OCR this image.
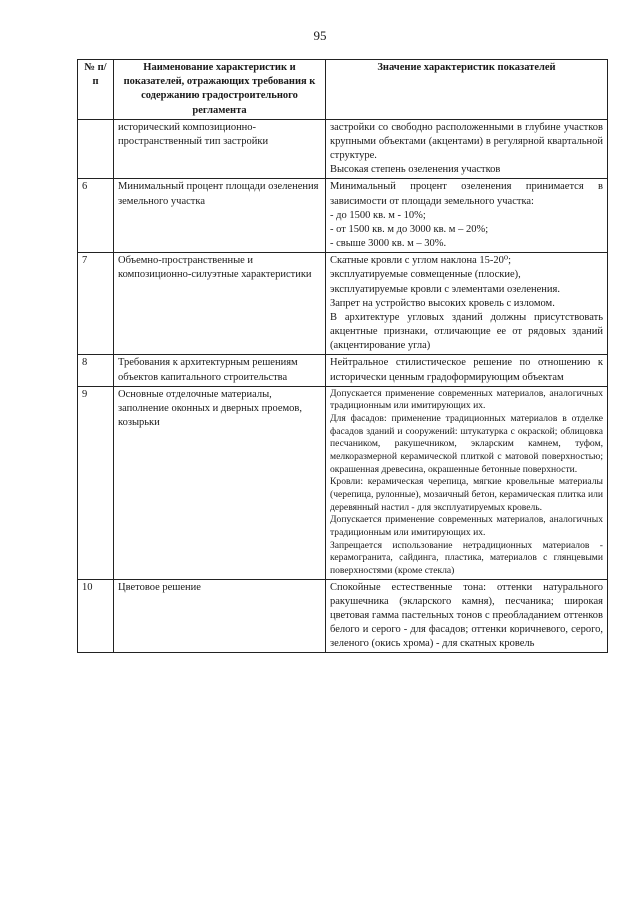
95
№ п/п	Наименование характеристик и показателей, отражающих требования к содержанию градостроительного регламента	Значение характеристик показателей
	исторический композиционно-пространственный тип застройки	застройки со свободно расположенными в глубине участков крупными объектами (акцентами) в регулярной квартальной структуре.
Высокая степень озеленения участков

6	Минимальный процент площади озеленения земельного участка	Минимальный процент озеленения принимается в зависимости от площади земельного участка:
- до 1500 кв. м - 10%;
- от 1500 кв. м до 3000 кв. м – 20%;
- свыше 3000 кв. м – 30%.

7	Объемно-пространственные и композиционно-силуэтные характеристики	Скатные кровли с углом наклона 15-20⁰;
эксплуатируемые совмещенные (плоские),
эксплуатируемые кровли с элементами озеленения.
Запрет на устройство высоких кровель с изломом.
В архитектуре угловых зданий должны присутствовать акцентные признаки, отличающие ее от рядовых зданий (акцентирование угла)

8	Требования к архитектурным решениям объектов капитального строительства	Нейтральное стилистическое решение по отношению к исторически ценным градоформирующим объектам

9	Основные отделочные материалы, заполнение оконных и дверных проемов, козырьки	Допускается применение современных материалов, аналогичных традиционным или имитирующих их.
Для фасадов: применение традиционных материалов в отделке фасадов зданий и сооружений: штукатурка с окраской; облицовка песчаником, ракушечником, экларским камнем, туфом, мелкоразмерной керамической плиткой с матовой поверхностью; окрашенная древесина, окрашенные бетонные поверхности.
Кровли: керамическая черепица, мягкие кровельные материалы (черепица, рулонные), мозаичный бетон, керамическая плитка или деревянный настил - для эксплуатируемых кровель.
Допускается применение современных материалов, аналогичных традиционным или имитирующих их.
Запрещается использование нетрадиционных материалов - керамогранита, сайдинга, пластика, материалов с глянцевыми поверхностями (кроме стекла)

10	Цветовое решение	Спокойные естественные тона: оттенки натурального ракушечника (экларского камня), песчаника; широкая цветовая гамма пастельных тонов с преобладанием оттенков белого и серого - для фасадов; оттенки коричневого, серого, зеленого (окись хрома) - для скатных кровель
